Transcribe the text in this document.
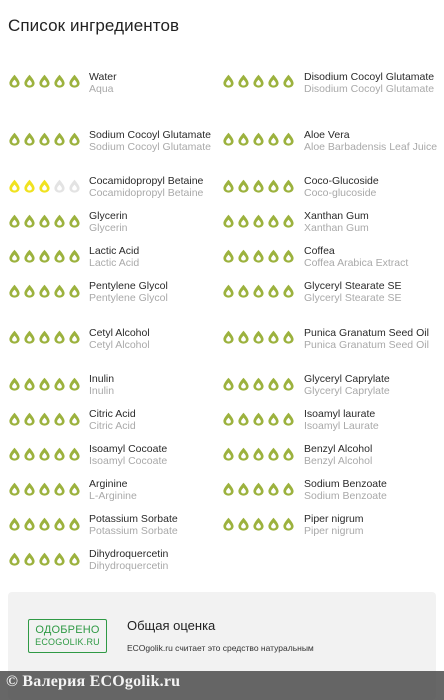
Список ингредиентов
Water
Aqua
Disodium Cocoyl Glutamate
Disodium Cocoyl Glutamate
Sodium Cocoyl Glutamate
Sodium Cocoyl Glutamate
Aloe Vera
Aloe Barbadensis Leaf Juice
Cocamidopropyl Betaine
Cocamidopropyl Betaine
Coco-Glucoside
Coco-glucoside
Glycerin
Glycerin
Xanthan Gum
Xanthan Gum
Lactic Acid
Lactic Acid
Coffea
Coffea Arabica Extract
Pentylene Glycol
Pentylene Glycol
Glyceryl Stearate SE
Glyceryl Stearate SE
Cetyl Alcohol
Cetyl Alcohol
Punica Granatum Seed Oil
Punica Granatum Seed Oil
Inulin
Inulin
Glyceryl Caprylate
Glyceryl Caprylate
Citric Acid
Citric Acid
Isoamyl laurate
Isoamyl Laurate
Isoamyl Cocoate
Isoamyl Cocoate
Benzyl Alcohol
Benzyl Alcohol
Arginine
L-Arginine
Sodium Benzoate
Sodium Benzoate
Potassium Sorbate
Potassium Sorbate
Piper nigrum
Piper nigrum
Dihydroquercetin
Dihydroquercetin
ОДОБРЕНО
ECOGOLIK.RU
Общая оценка
ECOgolik.ru считает это средство натуральным
© Валерия ECOgolik.ru
